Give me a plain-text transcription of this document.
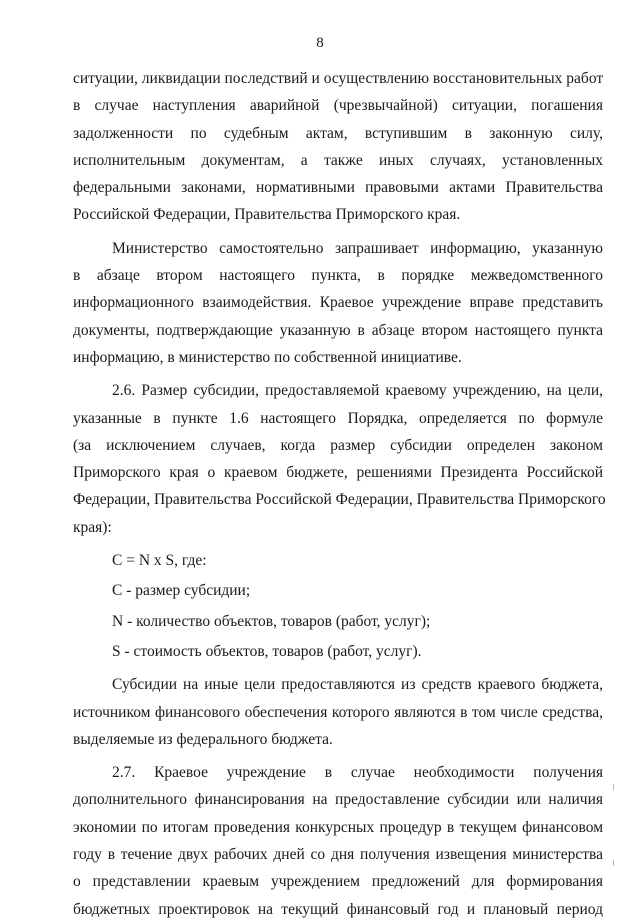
8
ситуации, ликвидации последствий и осуществлению восстановительных работ
в случае наступления аварийной (чрезвычайной) ситуации, погашения
задолженности по судебным актам, вступившим в законную силу,
исполнительным документам, а также иных случаях, установленных
федеральными законами, нормативными правовыми актами Правительства
Российской Федерации, Правительства Приморского края.
Министерство самостоятельно запрашивает информацию, указанную
в абзаце втором настоящего пункта, в порядке межведомственного
информационного взаимодействия. Краевое учреждение вправе представить
документы, подтверждающие указанную в абзаце втором настоящего пункта
информацию, в министерство по собственной инициативе.
2.6. Размер субсидии, предоставляемой краевому учреждению, на цели,
указанные в пункте 1.6 настоящего Порядка, определяется по формуле
(за исключением случаев, когда размер субсидии определен законом
Приморского края о краевом бюджете, решениями Президента Российской
Федерации, Правительства Российской Федерации, Правительства Приморского
края):
С = N x S, где:
С - размер субсидии;
N - количество объектов, товаров (работ, услуг);
S - стоимость объектов, товаров (работ, услуг).
Субсидии на иные цели предоставляются из средств краевого бюджета,
источником финансового обеспечения которого являются в том числе средства,
выделяемые из федерального бюджета.
2.7. Краевое учреждение в случае необходимости получения
дополнительного финансирования на предоставление субсидии или наличия
экономии по итогам проведения конкурсных процедур в текущем финансовом
году в течение двух рабочих дней со дня получения извещения министерства
о представлении краевым учреждением предложений для формирования
бюджетных проектировок на текущий финансовый год и плановый период
